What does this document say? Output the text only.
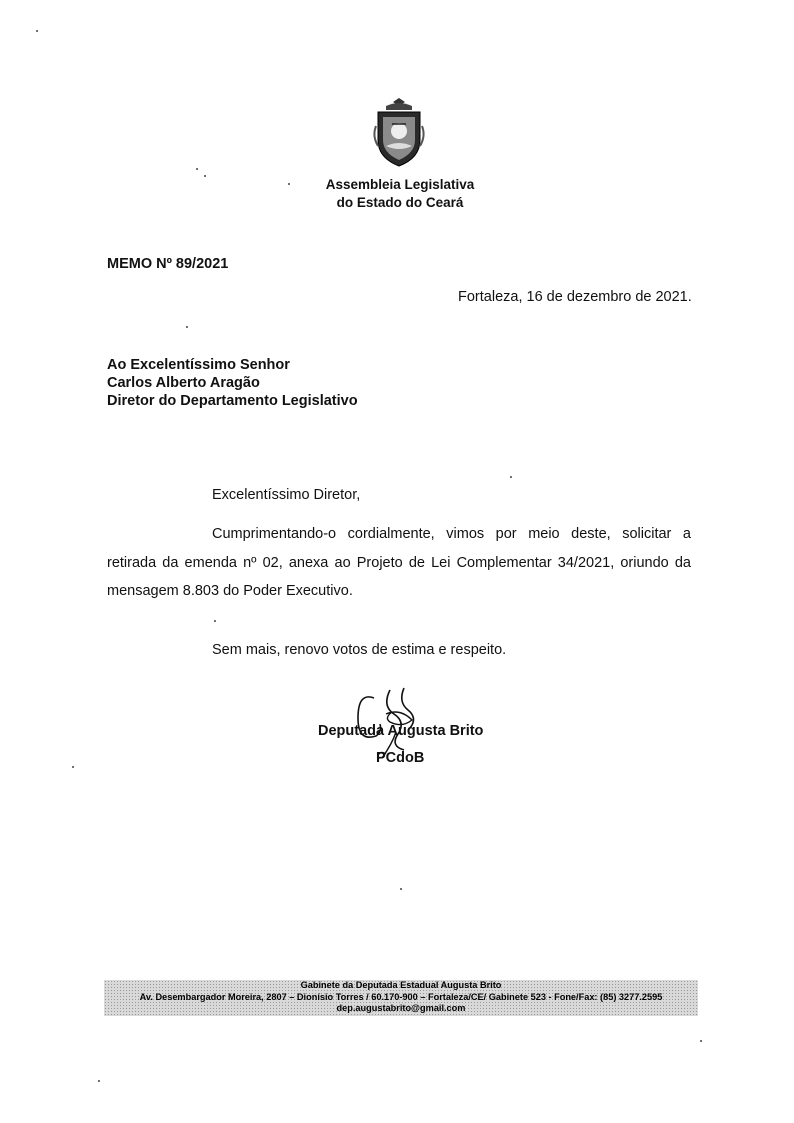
Assembleia Legislativa
do Estado do Ceará
MEMO Nº 89/2021
Fortaleza, 16 de dezembro de 2021.
Ao Excelentíssimo Senhor
Carlos Alberto Aragão
Diretor do Departamento Legislativo
Excelentíssimo Diretor,
Cumprimentando-o cordialmente, vimos por meio deste, solicitar a retirada da emenda nº 02, anexa ao Projeto de Lei Complementar 34/2021, oriundo da mensagem 8.803 do Poder Executivo.
Sem mais, renovo votos de estima e respeito.
Deputada Augusta Brito
PCdoB
Gabinete da Deputada Estadual Augusta Brito
Av. Desembargador Moreira, 2807 – Dionísio Torres / 60.170-900 – Fortaleza/CE/ Gabinete 523 - Fone/Fax: (85) 3277.2595
dep.augustabrito@gmail.com
